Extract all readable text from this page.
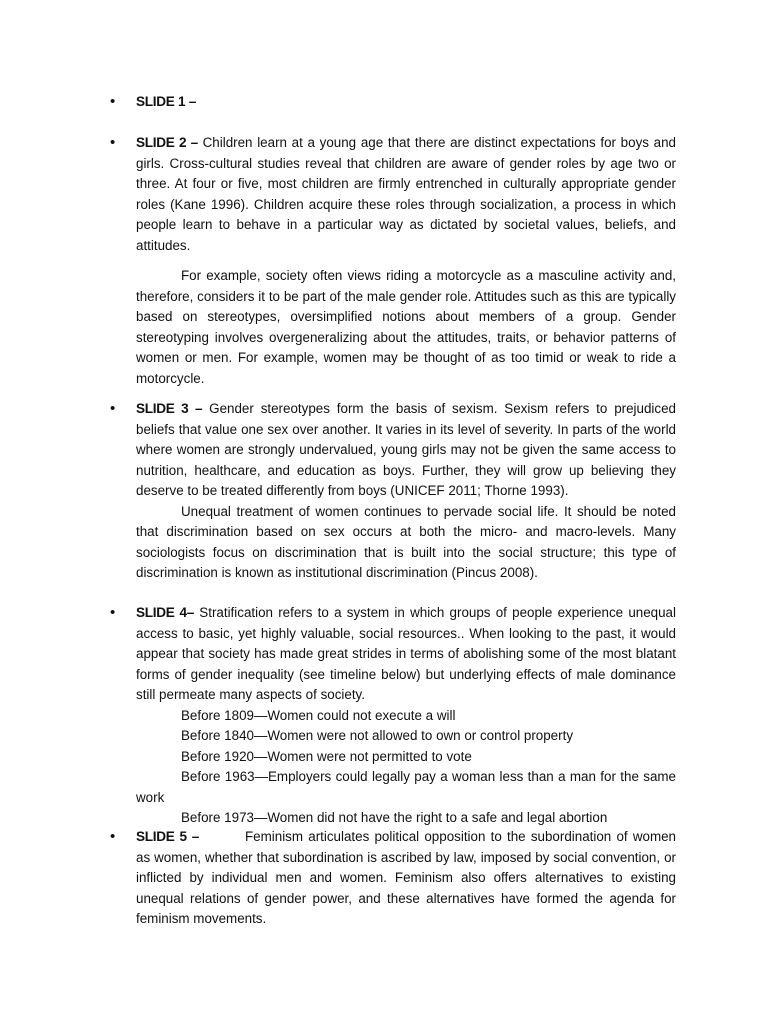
•	SLIDE 1 –
•	SLIDE 2 – Children learn at a young age that there are distinct expectations for boys and girls. Cross-cultural studies reveal that children are aware of gender roles by age two or three. At four or five, most children are firmly entrenched in culturally appropriate gender roles (Kane 1996). Children acquire these roles through socialization, a process in which people learn to behave in a particular way as dictated by societal values, beliefs, and attitudes.

For example, society often views riding a motorcycle as a masculine activity and, therefore, considers it to be part of the male gender role. Attitudes such as this are typically based on stereotypes, oversimplified notions about members of a group. Gender stereotyping involves overgeneralizing about the attitudes, traits, or behavior patterns of women or men. For example, women may be thought of as too timid or weak to ride a motorcycle.

•	SLIDE 3 – Gender stereotypes form the basis of sexism. Sexism refers to prejudiced beliefs that value one sex over another. It varies in its level of severity. In parts of the world where women are strongly undervalued, young girls may not be given the same access to nutrition, healthcare, and education as boys. Further, they will grow up believing they deserve to be treated differently from boys (UNICEF 2011; Thorne 1993).

Unequal treatment of women continues to pervade social life. It should be noted that discrimination based on sex occurs at both the micro- and macro-levels. Many sociologists focus on discrimination that is built into the social structure; this type of discrimination is known as institutional discrimination (Pincus 2008).

•	SLIDE 4– Stratification refers to a system in which groups of people experience unequal access to basic, yet highly valuable, social resources.. When looking to the past, it would appear that society has made great strides in terms of abolishing some of the most blatant forms of gender inequality (see timeline below) but underlying effects of male dominance still permeate many aspects of society.

Before 1809—Women could not execute a will
Before 1840—Women were not allowed to own or control property
Before 1920—Women were not permitted to vote
Before 1963—Employers could legally pay a woman less than a man for the same work
Before 1973—Women did not have the right to a safe and legal abortion
•	SLIDE 5 –	Feminism articulates political opposition to the subordination of women as women, whether that subordination is ascribed by law, imposed by social convention, or inflicted by individual men and women. Feminism also offers alternatives to existing unequal relations of gender power, and these alternatives have formed the agenda for feminism movements.
